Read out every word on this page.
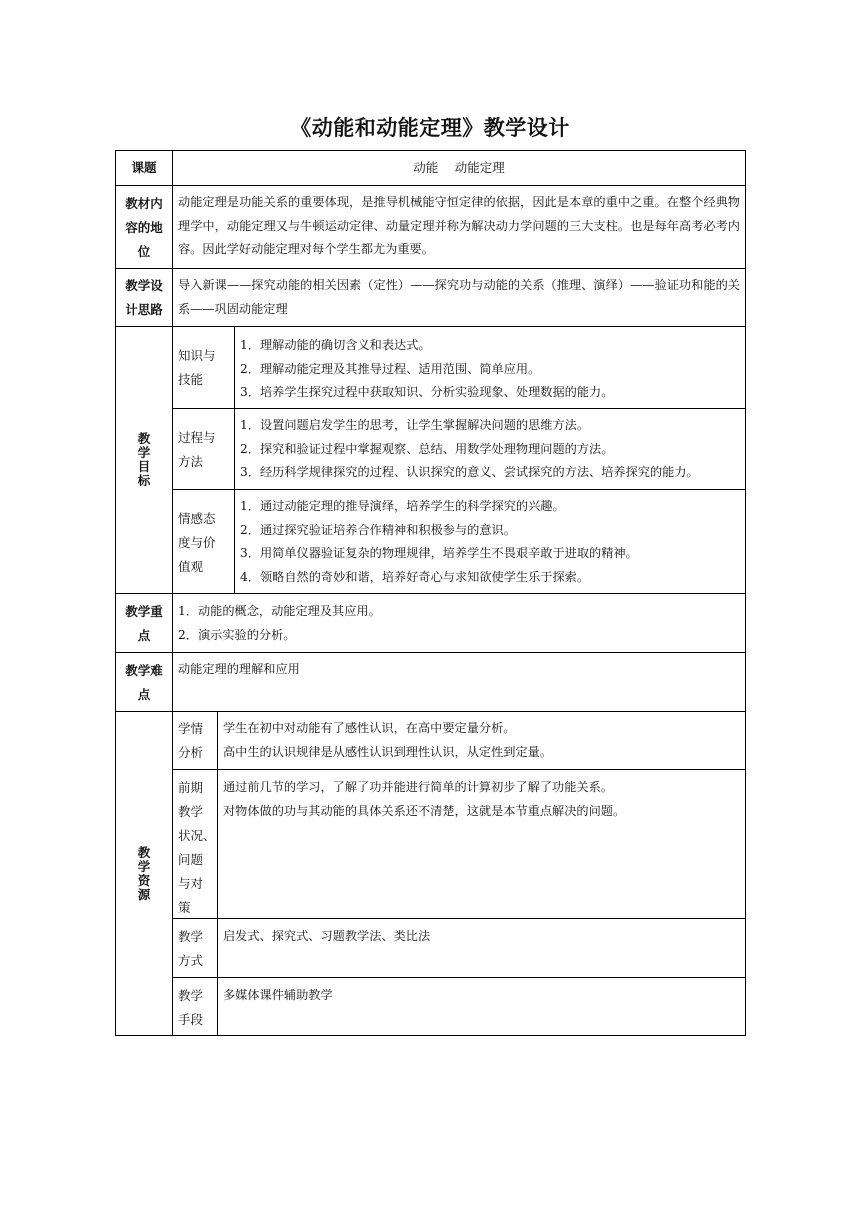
《动能和动能定理》教学设计
课题	动能　 动能定理
教材内
容的地
位
动能定理是功能关系的重要体现，是推导机械能守恒定律的依据，因此是本章的重中之重。在整个经典物理学中，动能定理又与牛顿运动定律、动量定理并称为解决动力学问题的三大支柱。也是每年高考必考内容。因此学好动能定理对每个学生都尤为重要。
教学设
计思路
导入新课——探究动能的相关因素（定性）——探究功与动能的关系（推理、演绎）——验证功和能的关系——巩固动能定理
教
学
目
标
知识与
技能
1．理解动能的确切含义和表达式。
2．理解动能定理及其推导过程、适用范围、简单应用。
3．培养学生探究过程中获取知识、分析实验现象、处理数据的能力。
过程与
方法
1．设置问题启发学生的思考，让学生掌握解决问题的思维方法。
2．探究和验证过程中掌握观察、总结、用数学处理物理问题的方法。
3．经历科学规律探究的过程、认识探究的意义、尝试探究的方法、培养探究的能力。
情感态
度与价
值观
1．通过动能定理的推导演绎，培养学生的科学探究的兴趣。
2．通过探究验证培养合作精神和积极参与的意识。
3．用简单仪器验证复杂的物理规律，培养学生不畏艰辛敢于进取的精神。
4．领略自然的奇妙和谐，培养好奇心与求知欲使学生乐于探索。
教学重
点
1．动能的概念，动能定理及其应用。
2．演示实验的分析。
教学难
点
动能定理的理解和应用
教
学
资
源
学情
分析
学生在初中对动能有了感性认识，在高中要定量分析。
高中生的认识规律是从感性认识到理性认识，从定性到定量。
前期
教学
状况、
问题
与对
策
通过前几节的学习，了解了功并能进行简单的计算初步了解了功能关系。
对物体做的功与其动能的具体关系还不清楚，这就是本节重点解决的问题。
教学
方式
启发式、探究式、习题教学法、类比法
教学
手段
多媒体课件辅助教学
